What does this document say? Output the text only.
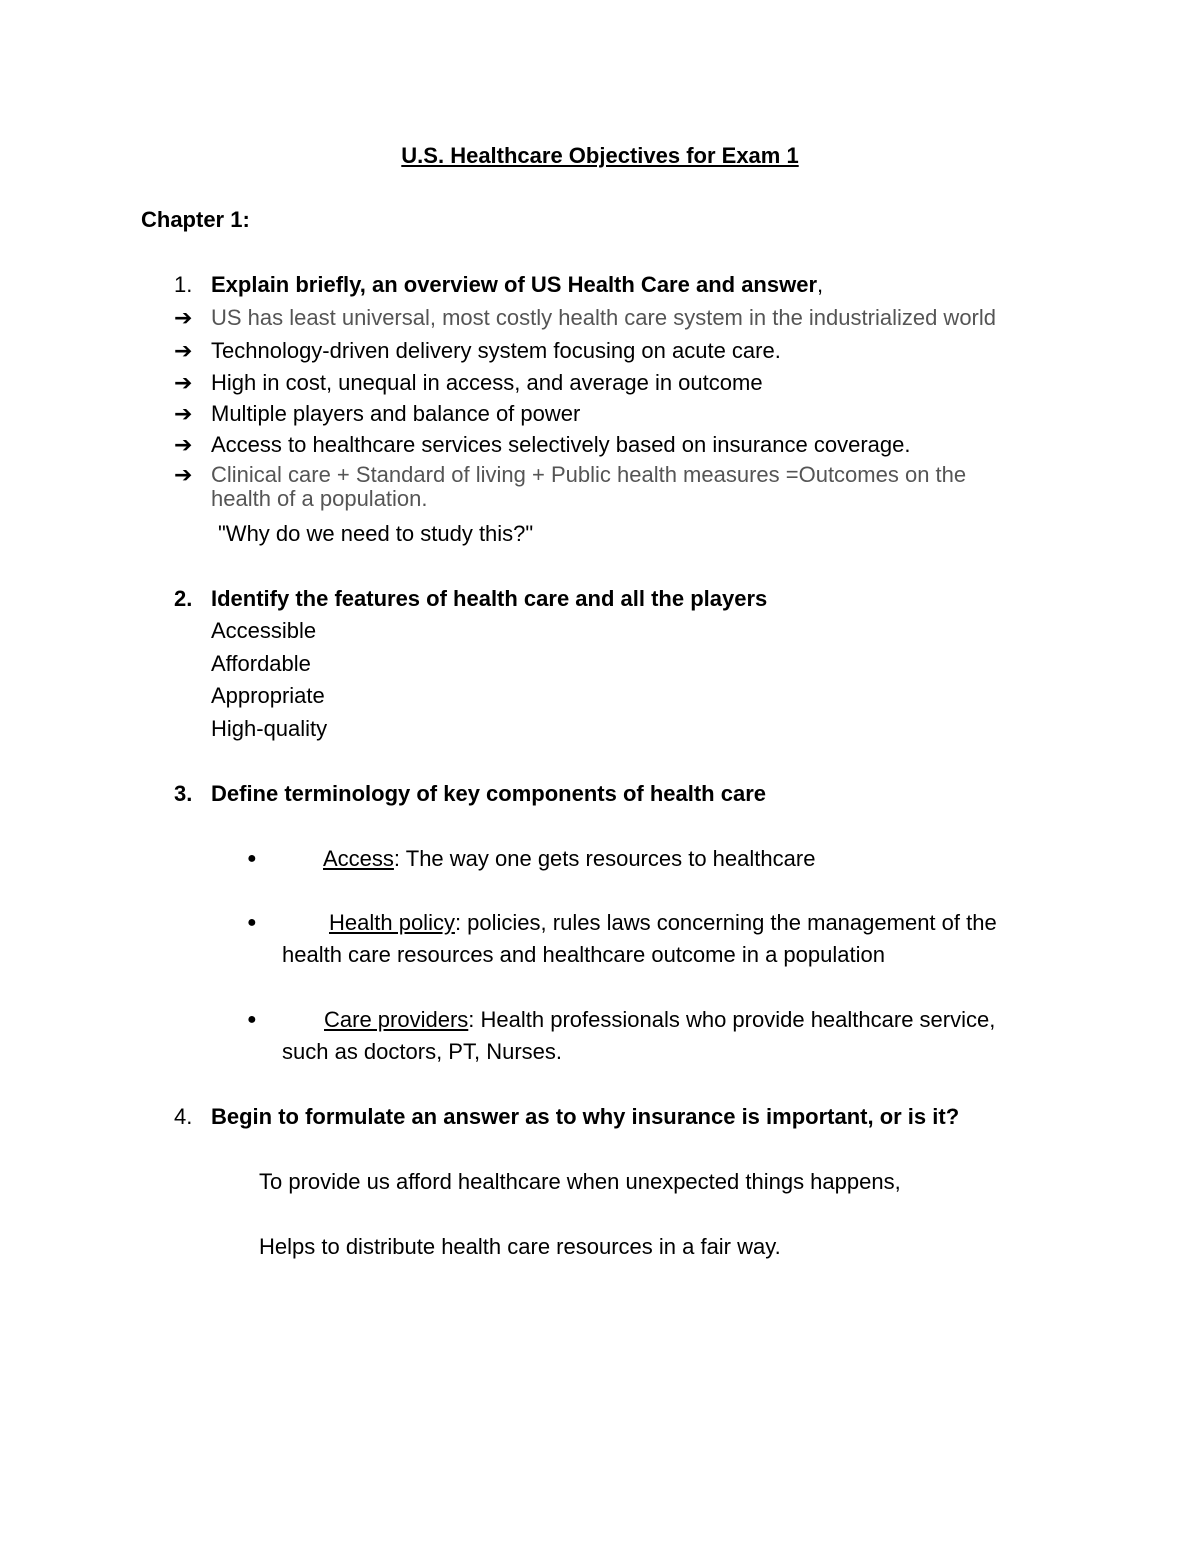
U.S. Healthcare Objectives for Exam 1
Chapter 1:
1. Explain briefly, an overview of US Health Care and answer,
➔ US has least universal, most costly health care system in the industrialized world
➔ Technology-driven delivery system focusing on acute care.
➔ High in cost, unequal in access, and average in outcome
➔ Multiple players and balance of power
➔ Access to healthcare services selectively based on insurance coverage.
➔ Clinical care + Standard of living + Public health measures =Outcomes on the
health of a population.
"Why do we need to study this?"
2. Identify the features of health care and all the players
Accessible
Affordable
Appropriate
High-quality
3. Define terminology of key components of health care
●	Access: The way one gets resources to healthcare
●	Health policy: policies, rules laws concerning the management of the
health care resources and healthcare outcome in a population
●	Care providers: Health professionals who provide healthcare service,
such as doctors, PT, Nurses.
4. Begin to formulate an answer as to why insurance is important, or is it?
To provide us afford healthcare when unexpected things happens,
Helps to distribute health care resources in a fair way.
